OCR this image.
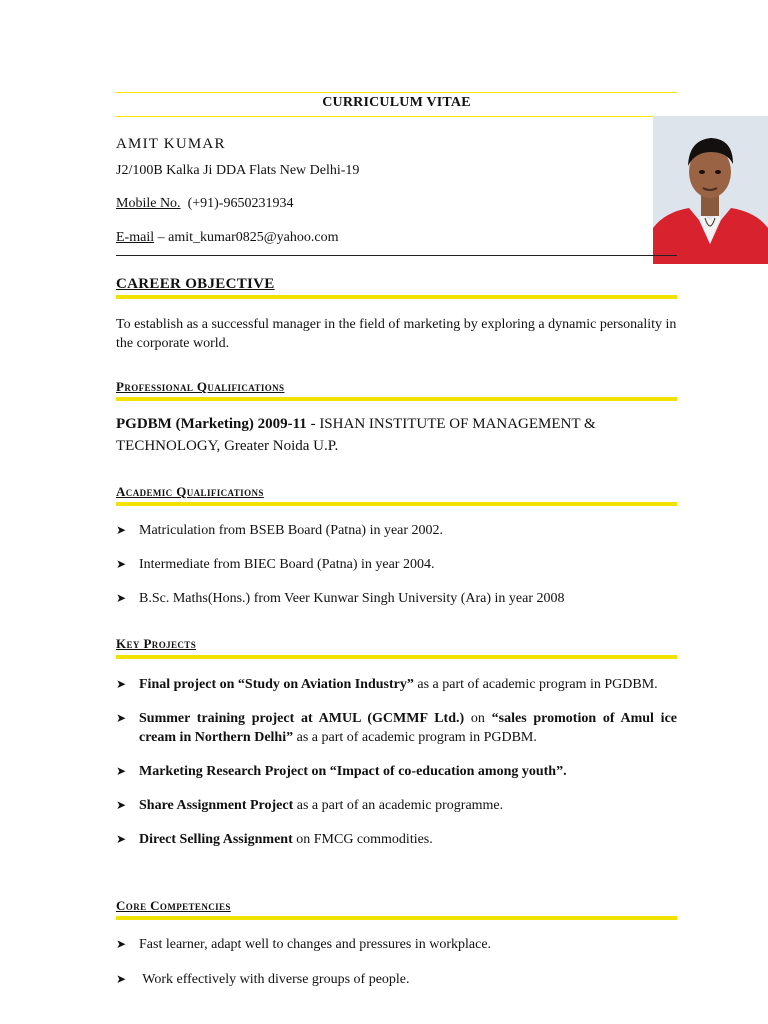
CURRICULUM VITAE
AMIT KUMAR
J2/100B Kalka Ji DDA Flats New Delhi-19
Mobile No. (+91)-9650231934
E-mail – amit_kumar0825@yahoo.com
CAREER OBJECTIVE
To establish as a successful manager in the field of marketing by exploring a dynamic personality in the corporate world.
Professional Qualifications
PGDBM (Marketing) 2009-11 - ISHAN INSTITUTE OF MANAGEMENT & TECHNOLOGY, Greater Noida U.P.
Academic Qualifications
➤ Matriculation from BSEB Board (Patna) in year 2002.
➤ Intermediate from BIEC Board (Patna) in year 2004.
➤ B.Sc. Maths(Hons.) from Veer Kunwar Singh University (Ara) in year 2008
Key Projects
➤ Final project on “Study on Aviation Industry” as a part of academic program in PGDBM.
➤ Summer training project at AMUL (GCMMF Ltd.) on “sales promotion of Amul ice cream in Northern Delhi” as a part of academic program in PGDBM.
➤ Marketing Research Project on “Impact of co-education among youth”.
➤ Share Assignment Project as a part of an academic programme.
➤ Direct Selling Assignment on FMCG commodities.
Core Competencies
➤ Fast learner, adapt well to changes and pressures in workplace.
➤ Work effectively with diverse groups of people.
